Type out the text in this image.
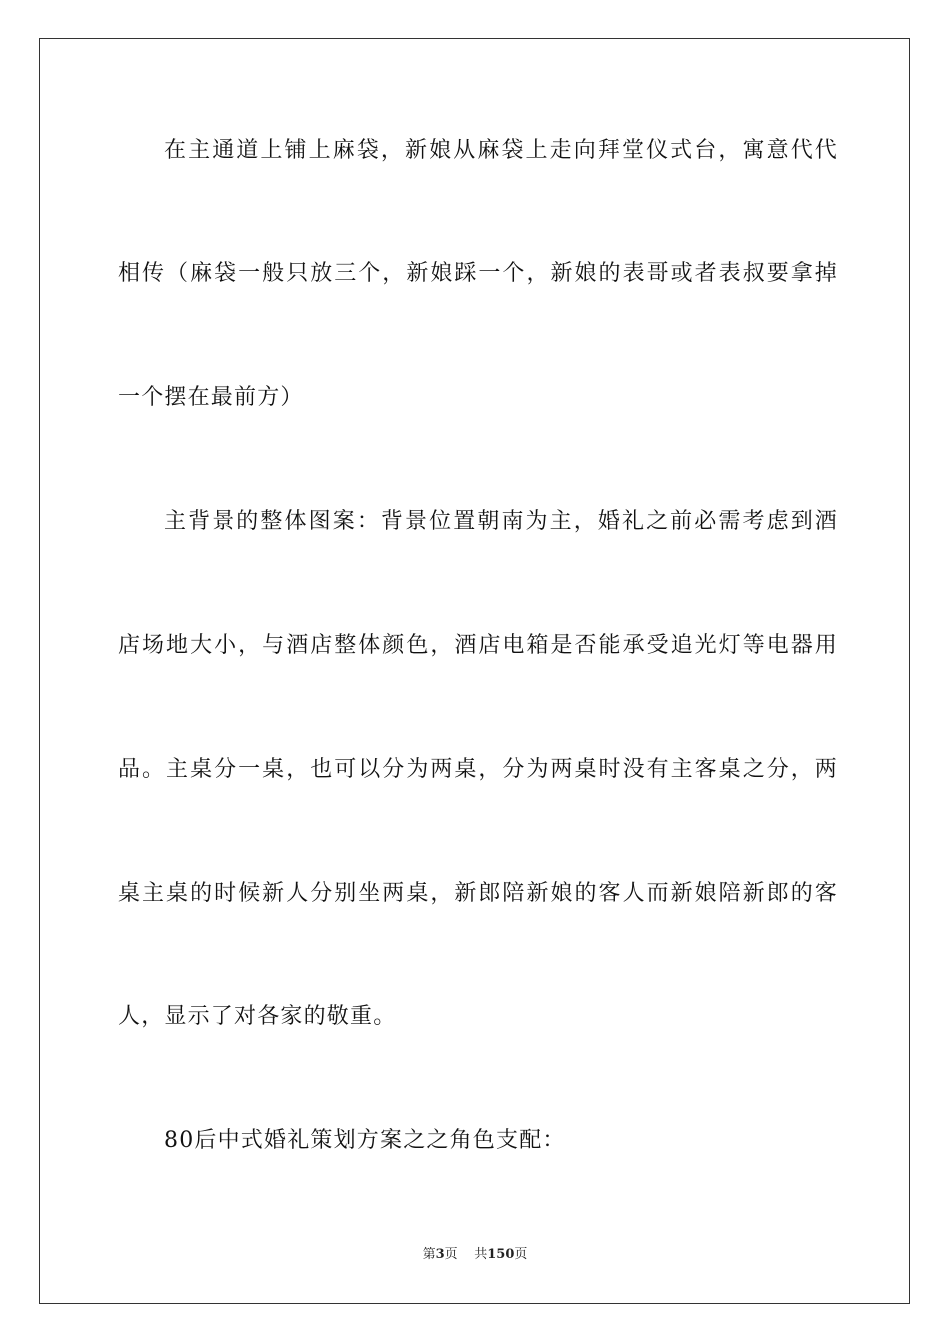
在主通道上铺上麻袋，新娘从麻袋上走向拜堂仪式台，寓意代代
相传（麻袋一般只放三个，新娘踩一个，新娘的表哥或者表叔要拿掉
一个摆在最前方）
主背景的整体图案：背景位置朝南为主，婚礼之前必需考虑到酒
店场地大小，与酒店整体颜色，酒店电箱是否能承受追光灯等电器用
品。主桌分一桌，也可以分为两桌，分为两桌时没有主客桌之分，两
桌主桌的时候新人分别坐两桌，新郎陪新娘的客人而新娘陪新郎的客
人，显示了对各家的敬重。
80后中式婚礼策划方案之之角色支配：
第3页 共150页
